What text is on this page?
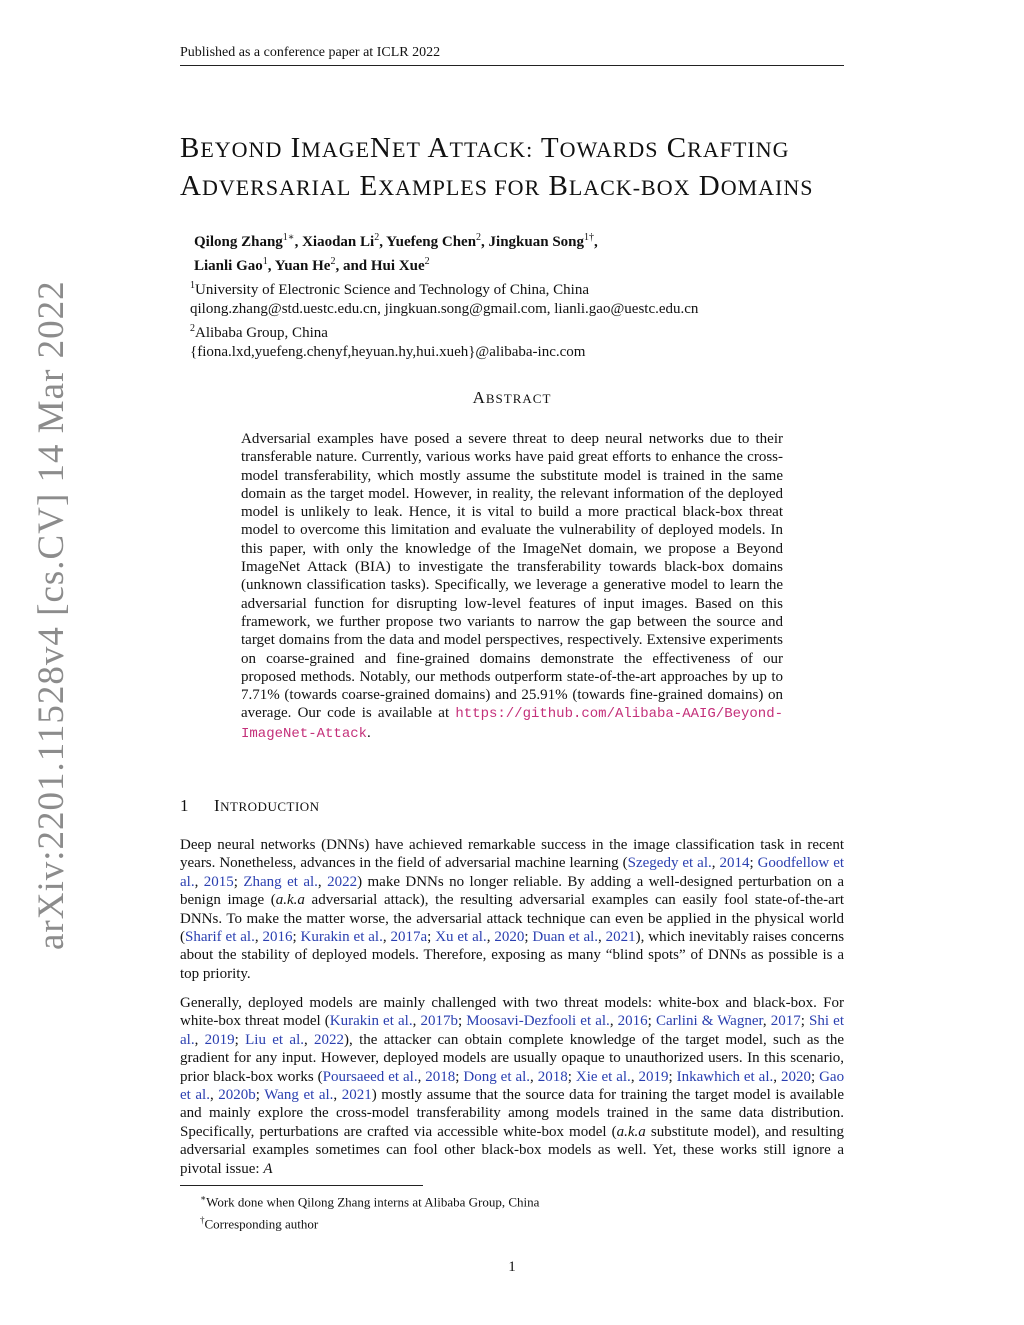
Published as a conference paper at ICLR 2022
arXiv:2201.11528v4 [cs.CV] 14 Mar 2022
BEYOND IMAGENET ATTACK: TOWARDS CRAFTING
ADVERSARIAL EXAMPLES FOR BLACK-BOX DOMAINS
Qilong Zhang$^{1∗}$, Xiaodan Li$^2$, Yuefeng Chen$^2$, Jingkuan Song$^{1\dagger}$,
Lianli Gao$^1$, Yuan He$^2$, and Hui Xue$^2$
$^1$University of Electronic Science and Technology of China, China
qilong.zhang@std.uestc.edu.cn, jingkuan.song@gmail.com, lianli.gao@uestc.edu.cn
$^2$Alibaba Group, China
{fiona.lxd,yuefeng.chenyf,heyuan.hy,hui.xueh}@alibaba-inc.com
ABSTRACT
Adversarial examples have posed a severe threat to deep neural networks due to their transferable nature. Currently, various works have paid great efforts to enhance the cross-model transferability, which mostly assume the substitute model is trained in the same domain as the target model. However, in reality, the relevant information of the deployed model is unlikely to leak. Hence, it is vital to build a more practical black-box threat model to overcome this limitation and evaluate the vulnerability of deployed models. In this paper, with only the knowledge of the ImageNet domain, we propose a Beyond ImageNet Attack (BIA) to investigate the transferability towards black-box domains (unknown classification tasks). Specifically, we leverage a generative model to learn the adversarial function for disrupting low-level features of input images. Based on this framework, we further propose two variants to narrow the gap between the source and target domains from the data and model perspectives, respectively. Extensive experiments on coarse-grained and fine-grained domains demonstrate the effectiveness of our proposed methods. Notably, our methods outperform state-of-the-art approaches by up to 7.71% (towards coarse-grained domains) and 25.91% (towards fine-grained domains) on average. Our code is available at https://github.com/Alibaba-AAIG/Beyond-ImageNet-Attack.
1 INTRODUCTION
Deep neural networks (DNNs) have achieved remarkable success in the image classification task in recent years. Nonetheless, advances in the field of adversarial machine learning (Szegedy et al., 2014; Goodfellow et al., 2015; Zhang et al., 2022) make DNNs no longer reliable. By adding a well-designed perturbation on a benign image (a.k.a adversarial attack), the resulting adversarial examples can easily fool state-of-the-art DNNs. To make the matter worse, the adversarial attack technique can even be applied in the physical world (Sharif et al., 2016; Kurakin et al., 2017a; Xu et al., 2020; Duan et al., 2021), which inevitably raises concerns about the stability of deployed models. Therefore, exposing as many “blind spots” of DNNs as possible is a top priority.
Generally, deployed models are mainly challenged with two threat models: white-box and black-box. For white-box threat model (Kurakin et al., 2017b; Moosavi-Dezfooli et al., 2016; Carlini & Wagner, 2017; Shi et al., 2019; Liu et al., 2022), the attacker can obtain complete knowledge of the target model, such as the gradient for any input. However, deployed models are usually opaque to unauthorized users. In this scenario, prior black-box works (Poursaeed et al., 2018; Dong et al., 2018; Xie et al., 2019; Inkawhich et al., 2020; Gao et al., 2020b; Wang et al., 2021) mostly assume that the source data for training the target model is available and mainly explore the cross-model transferability among models trained in the same data distribution. Specifically, perturbations are crafted via accessible white-box model (a.k.a substitute model), and resulting adversarial examples sometimes can fool other black-box models as well. Yet, these works still ignore a pivotal issue: A
∗Work done when Qilong Zhang interns at Alibaba Group, China
†Corresponding author
1
